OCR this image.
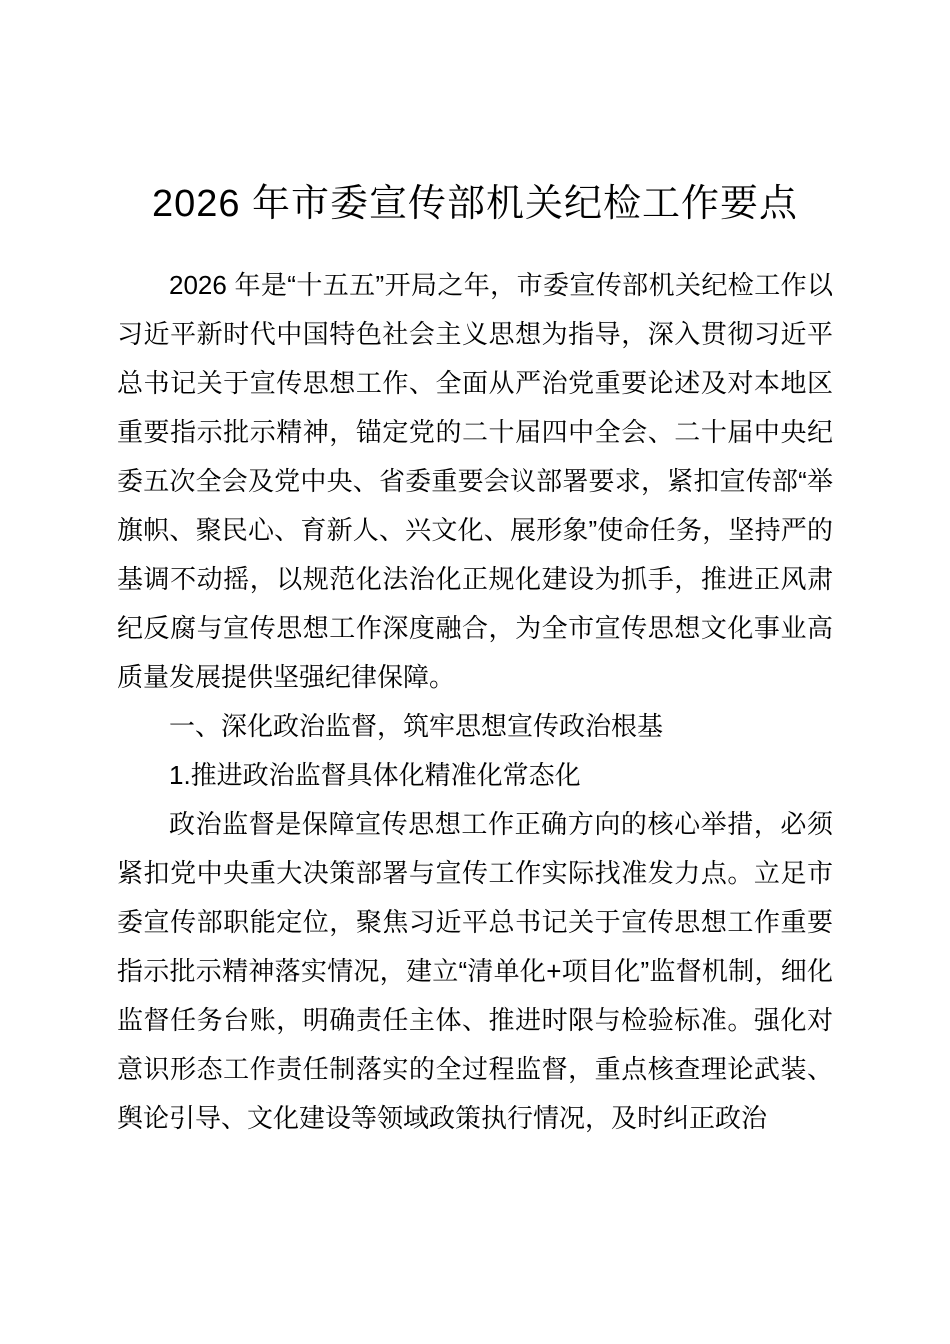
2026 年市委宣传部机关纪检工作要点

2026 年是“十五五”开局之年，市委宣传部机关纪检工作以习近平新时代中国特色社会主义思想为指导，深入贯彻习近平总书记关于宣传思想工作、全面从严治党重要论述及对本地区重要指示批示精神，锚定党的二十届四中全会、二十届中央纪委五次全会及党中央、省委重要会议部署要求，紧扣宣传部“举旗帜、聚民心、育新人、兴文化、展形象”使命任务，坚持严的基调不动摇，以规范化法治化正规化建设为抓手，推进正风肃纪反腐与宣传思想工作深度融合，为全市宣传思想文化事业高质量发展提供坚强纪律保障。

一、深化政治监督，筑牢思想宣传政治根基

1.推进政治监督具体化精准化常态化

政治监督是保障宣传思想工作正确方向的核心举措，必须紧扣党中央重大决策部署与宣传工作实际找准发力点。立足市委宣传部职能定位，聚焦习近平总书记关于宣传思想工作重要指示批示精神落实情况，建立“清单化+项目化”监督机制，细化监督任务台账，明确责任主体、推进时限与检验标准。强化对意识形态工作责任制落实的全过程监督，重点核查理论武装、舆论引导、文化建设等领域政策执行情况，及时纠正政治
